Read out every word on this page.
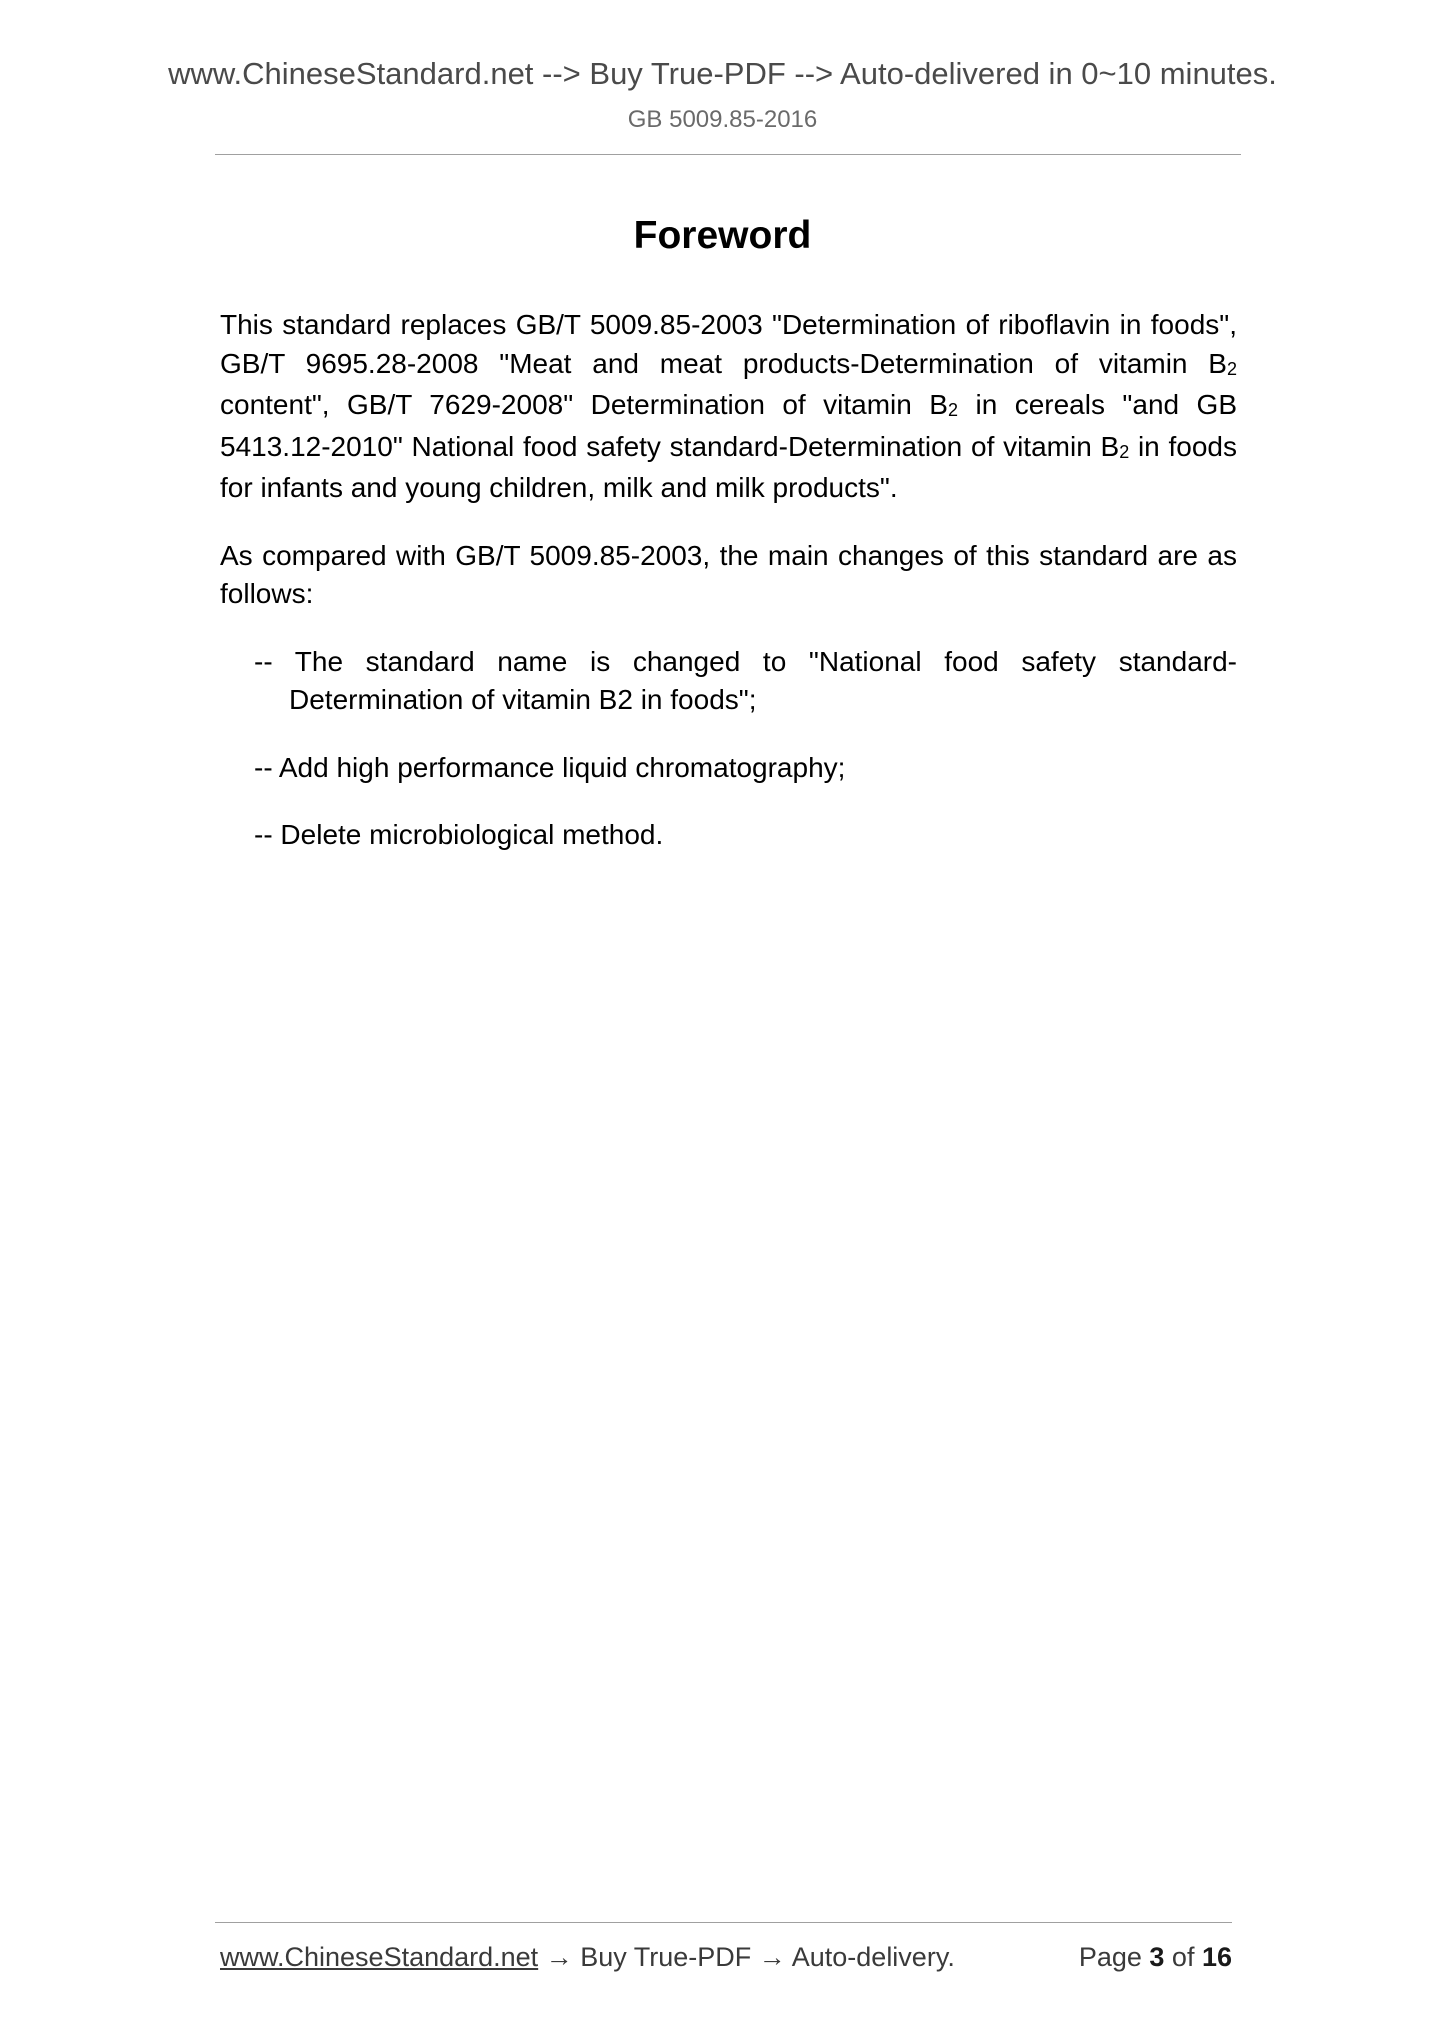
www.ChineseStandard.net --> Buy True-PDF --> Auto-delivered in 0~10 minutes.
GB 5009.85-2016
Foreword

This standard replaces GB/T 5009.85-2003 "Determination of riboflavin in foods", GB/T 9695.28-2008 "Meat and meat products-Determination of vitamin $B_2$ content", GB/T 7629-2008" Determination of vitamin $B_2$ in cereals "and GB 5413.12-2010" National food safety standard-Determination of vitamin $B_2$ in foods for infants and young children, milk and milk products".

As compared with GB/T 5009.85-2003, the main changes of this standard are as follows:

-- The standard name is changed to "National food safety standard-Determination of vitamin B2 in foods";

-- Add high performance liquid chromatography;

-- Delete microbiological method.

www.ChineseStandard.net → Buy True-PDF → Auto-delivery.	Page 3 of 16
